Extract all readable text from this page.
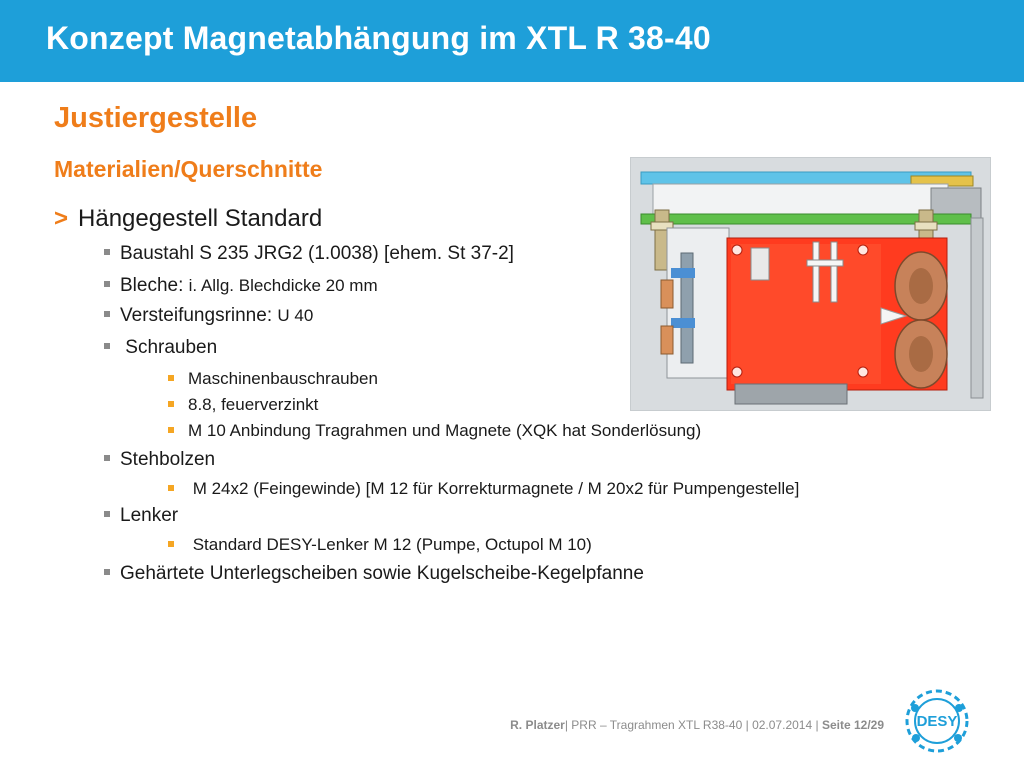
Konzept Magnetabhängung im XTL R 38-40
Justiergestelle
Materialien/Querschnitte
> Hängegestell Standard
Baustahl S 235 JRG2 (1.0038) [ehem. St 37-2]
Bleche: i. Allg. Blechdicke 20 mm
Versteifungsrinne: U 40
Schrauben
Maschinenbauschrauben
8.8, feuerverzinkt
M 10 Anbindung Tragrahmen und Magnete (XQK hat Sonderlösung)
Stehbolzen
M 24x2 (Feingewinde) [M 12 für Korrekturmagnete / M 20x2 für Pumpengestelle]
Lenker
Standard DESY-Lenker M 12 (Pumpe, Octupol M 10)
Gehärtete Unterlegscheiben sowie Kugelscheibe-Kegelpfanne
R. Platzer| PRR – Tragrahmen XTL R38-40 | 02.07.2014 | Seite 12/29 DESY
